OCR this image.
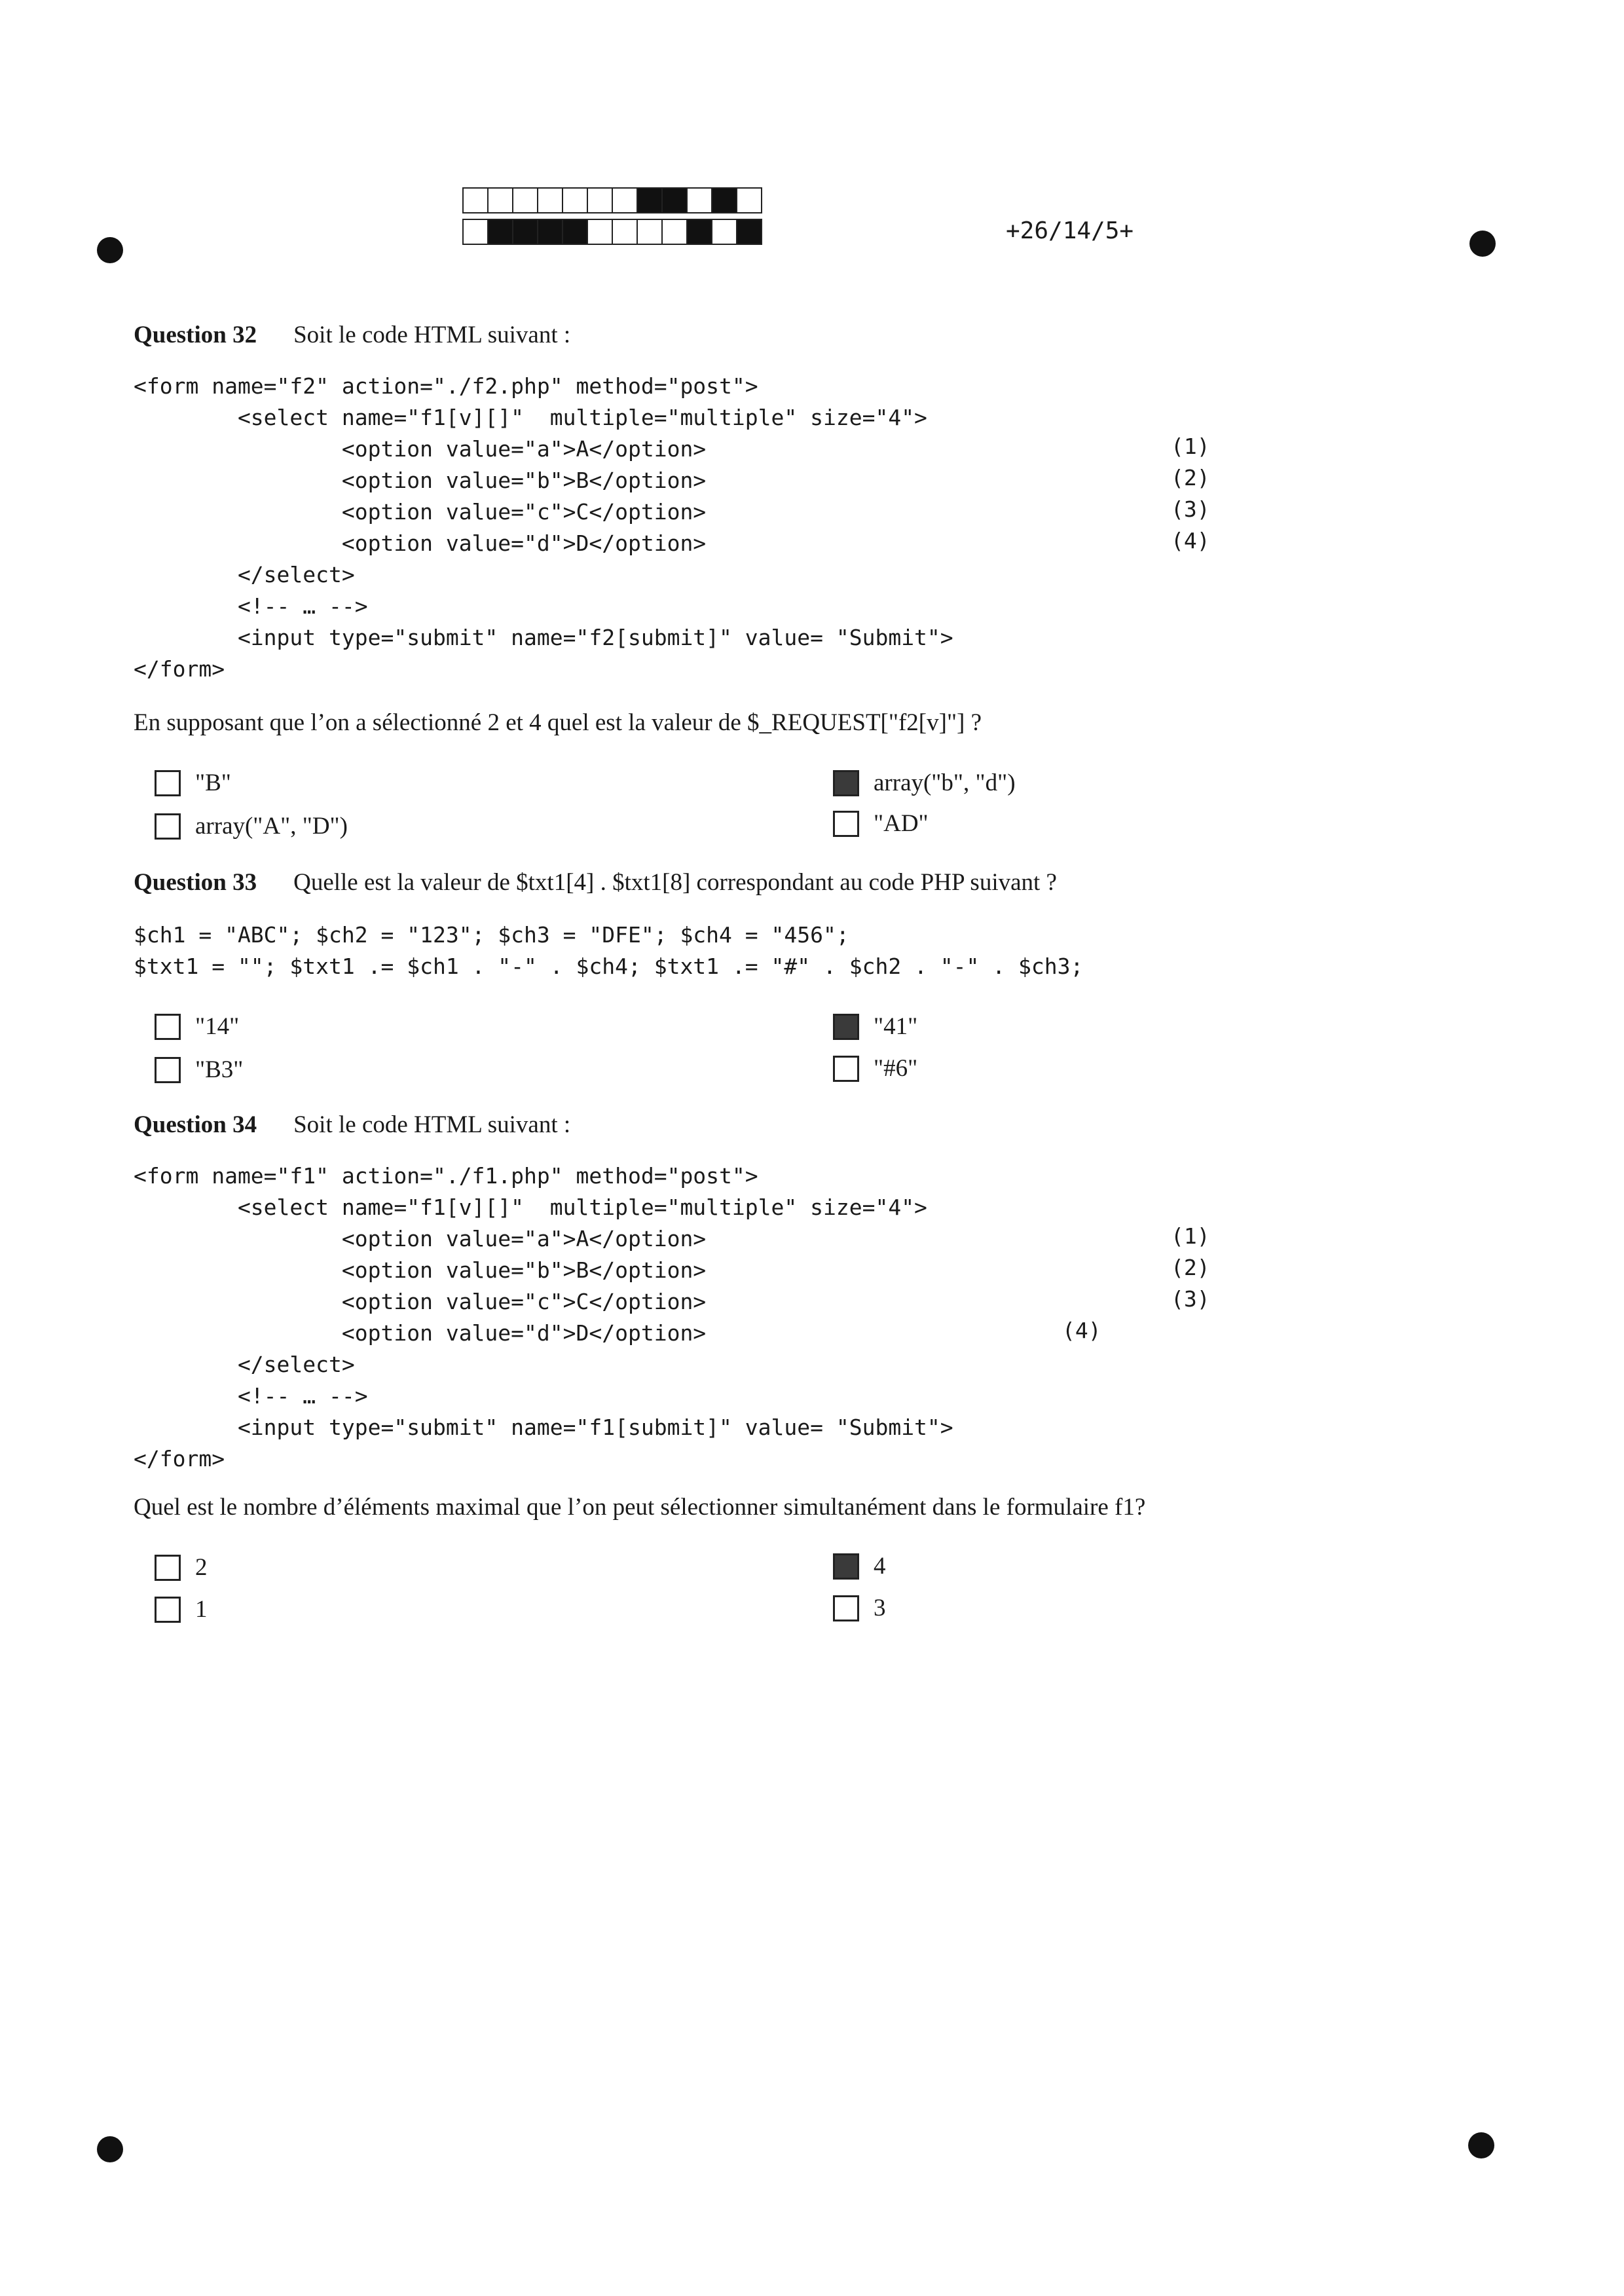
+26/14/5+
Question 32 Soit le code HTML suivant :
<form name="f2" action="./f2.php" method="post">
<select name="f1[v][]"  multiple="multiple" size="4">
<option value="a">A</option>
<option value="b">B</option>
<option value="c">C</option>
<option value="d">D</option>
</select>
<!-- … -->
<input type="submit" name="f2[submit]" value= "Submit">
</form>
(1)
(2)
(3)
(4)
En supposant que l’on a sélectionné 2 et 4 quel est la valeur de $_REQUEST["f2[v]"] ?
"B"	array("b", "d")
array("A", "D")	"AD"
Question 33 Quelle est la valeur de $txt1[4] . $txt1[8] correspondant au code PHP suivant ?
$ch1 = "ABC"; $ch2 = "123"; $ch3 = "DFE"; $ch4 = "456";
$txt1 = ""; $txt1 .= $ch1 . "-" . $ch4; $txt1 .= "#" . $ch2 . "-" . $ch3;
"14"	"41"
"B3"	"#6"
Question 34 Soit le code HTML suivant :
<form name="f1" action="./f1.php" method="post">
<select name="f1[v][]"  multiple="multiple" size="4">
<option value="a">A</option>
<option value="b">B</option>
<option value="c">C</option>
<option value="d">D</option>
</select>
<!-- … -->
<input type="submit" name="f1[submit]" value= "Submit">
</form>
(1)
(2)
(3)
(4)
Quel est le nombre d’éléments maximal que l’on peut sélectionner simultanément dans le formulaire f1?
2	4
1	3
